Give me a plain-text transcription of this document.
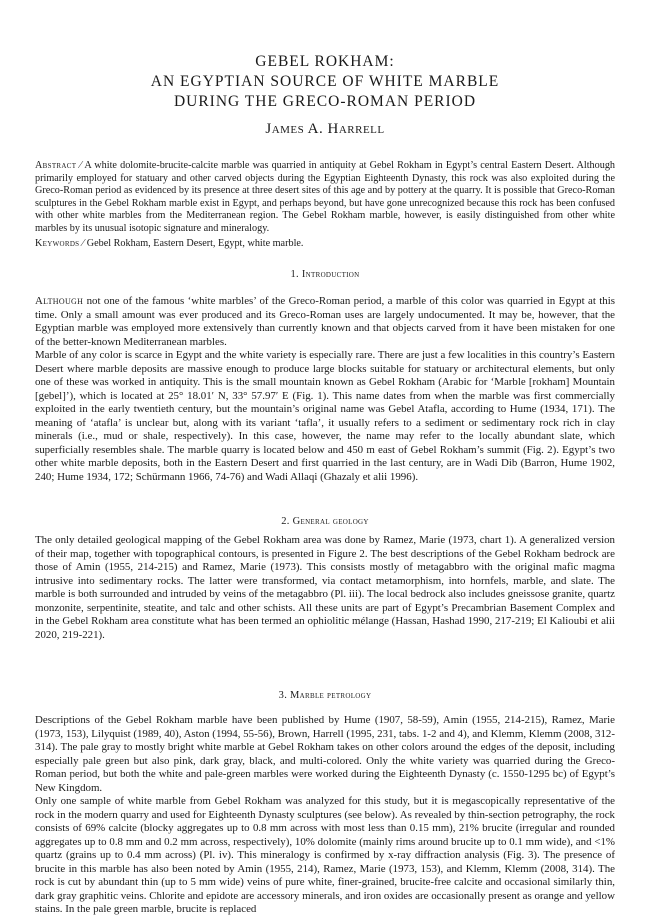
GEBEL ROKHAM:
AN EGYPTIAN SOURCE OF WHITE MARBLE
DURING THE GRECO-ROMAN PERIOD
James A. Harrell
Abstract ⁄ A white dolomite-brucite-calcite marble was quarried in antiquity at Gebel Rokham in Egypt’s central Eastern Desert. Although primarily employed for statuary and other carved objects during the Egyptian Eighteenth Dynasty, this rock was also exploited during the Greco-Roman period as evidenced by its presence at three desert sites of this age and by pottery at the quarry. It is possible that Greco-Roman sculptures in the Gebel Rokham marble exist in Egypt, and perhaps beyond, but have gone unrecognized because this rock has been confused with other white marbles from the Mediterranean region. The Gebel Rokham marble, however, is easily distinguished from other white marbles by its unusual isotopic signature and mineralogy.
Keywords ⁄ Gebel Rokham, Eastern Desert, Egypt, white marble.
1. Introduction

Although not one of the famous ‘white marbles’ of the Greco-Roman period, a marble of this color was quarried in Egypt at this time. Only a small amount was ever produced and its Greco-Roman uses are largely undocumented. It may be, however, that the Egyptian marble was employed more extensively than currently known and that objects carved from it have been mistaken for one of the better-known Mediterranean marbles.

Marble of any color is scarce in Egypt and the white variety is especially rare. There are just a few localities in this country’s Eastern Desert where marble deposits are massive enough to produce large blocks suitable for statuary or architectural elements, but only one of these was worked in antiquity. This is the small mountain known as Gebel Rokham (Arabic for ‘Marble [rokham] Mountain [gebel]’), which is located at 25° 18.01′ N, 33° 57.97′ E (Fig. 1). This name dates from when the marble was first commercially exploited in the early twentieth century, but the mountain’s original name was Gebel Atafla, according to Hume (1934, 171). The meaning of ‘atafla’ is unclear but, along with its variant ‘tafla’, it usually refers to a sediment or sedimentary rock rich in clay minerals (i.e., mud or shale, respectively). In this case, however, the name may refer to the locally abundant slate, which superficially resembles shale. The marble quarry is located below and 450 m east of Gebel Rokham’s summit (Fig. 2). Egypt’s two other white marble deposits, both in the Eastern Desert and first quarried in the last century, are in Wadi Dib (Barron, Hume 1902, 240; Hume 1934, 172; Schürmann 1966, 74-76) and Wadi Allaqi (Ghazaly et alii 1996).

2. General geology

The only detailed geological mapping of the Gebel Rokham area was done by Ramez, Marie (1973, chart 1). A generalized version of their map, together with topographical contours, is presented in Figure 2. The best descriptions of the Gebel Rokham bedrock are those of Amin (1955, 214-215) and Ramez, Marie (1973). This consists mostly of metagabbro with the original mafic magma intrusive into sedimentary rocks. The latter were transformed, via contact metamorphism, into hornfels, marble, and slate. The marble is both surrounded and intruded by veins of the metagabbro (Pl. iii). The local bedrock also includes gneissose granite, quartz monzonite, serpentinite, steatite, and talc and other schists. All these units are part of Egypt’s Precambrian Basement Complex and in the Gebel Rokham area constitute what has been termed an ophiolitic mélange (Hassan, Hashad 1990, 217-219; El Kalioubi et alii 2020, 219-221).

3. Marble petrology

Descriptions of the Gebel Rokham marble have been published by Hume (1907, 58-59), Amin (1955, 214-215), Ramez, Marie (1973, 153), Lilyquist (1989, 40), Aston (1994, 55-56), Brown, Harrell (1995, 231, tabs. 1-2 and 4), and Klemm, Klemm (2008, 312-314). The pale gray to mostly bright white marble at Gebel Rokham takes on other colors around the edges of the deposit, including especially pale green but also pink, dark gray, black, and multi-colored. Only the white variety was quarried during the Greco-Roman period, but both the white and pale-green marbles were worked during the Eighteenth Dynasty (c. 1550-1295 bc) of Egypt’s New Kingdom.

Only one sample of white marble from Gebel Rokham was analyzed for this study, but it is megascopically representative of the rock in the modern quarry and used for Eighteenth Dynasty sculptures (see below). As revealed by thin-section petrography, the rock consists of 69% calcite (blocky aggregates up to 0.8 mm across with most less than 0.15 mm), 21% brucite (irregular and rounded aggregates up to 0.8 mm and 0.2 mm across, respectively), 10% dolomite (mainly rims around brucite up to 0.1 mm wide), and <1% quartz (grains up to 0.4 mm across) (Pl. iv). This mineralogy is confirmed by x-ray diffraction analysis (Fig. 3). The presence of brucite in this marble has also been noted by Amin (1955, 214), Ramez, Marie (1973, 153), and Klemm, Klemm (2008, 314). The rock is cut by abundant thin (up to 5 mm wide) veins of pure white, finer-grained, brucite-free calcite and occasional similarly thin, dark gray graphitic veins. Chlorite and epidote are accessory minerals, and iron oxides are occasionally present as orange and yellow stains. In the pale green marble, brucite is replaced
